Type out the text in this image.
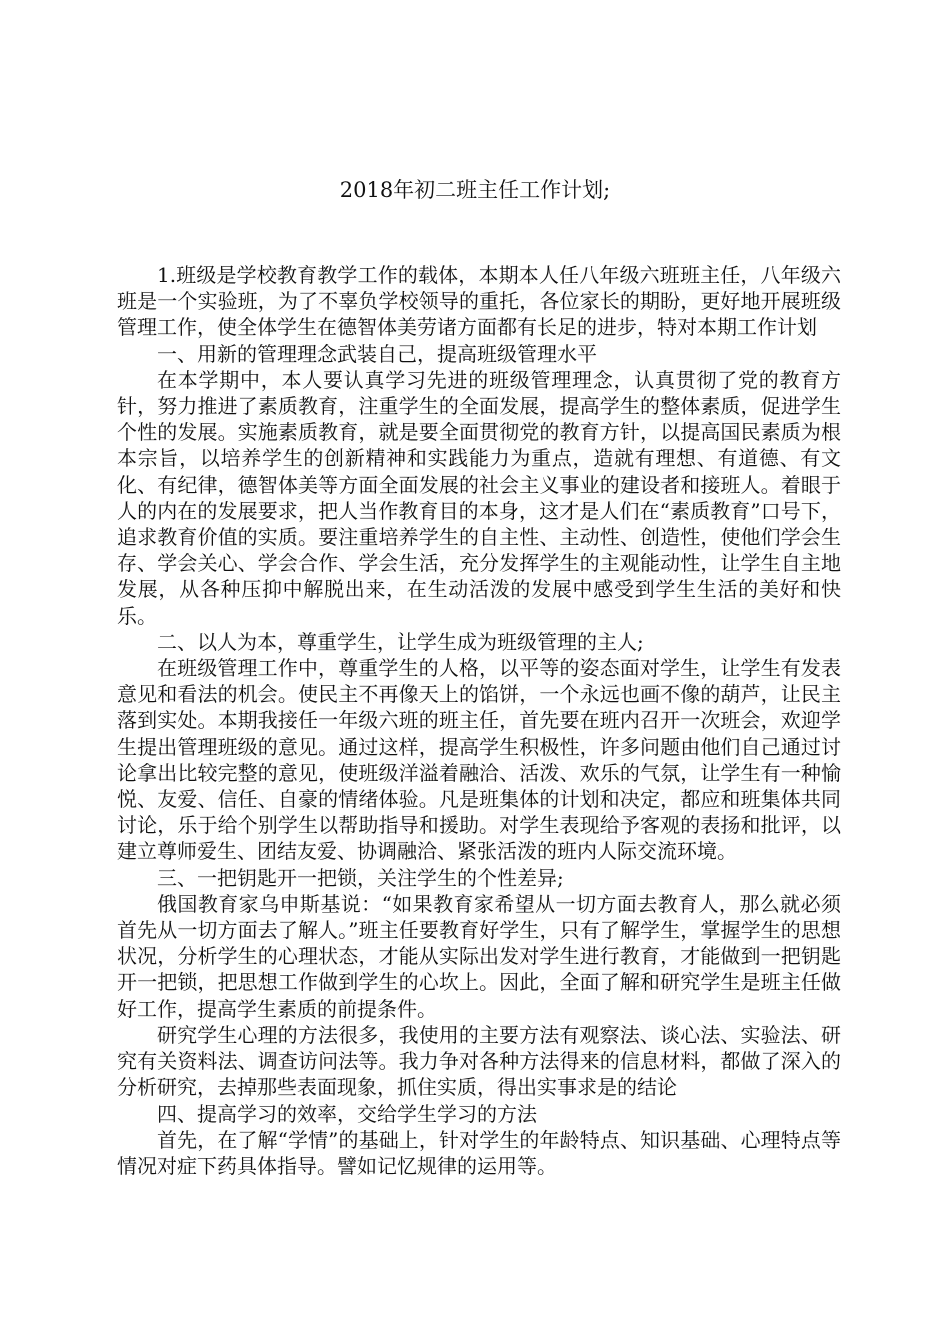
2018年初二班主任工作计划;

1.班级是学校教育教学工作的载体，本期本人任八年级六班班主任，八年级六班是一个实验班，为了不辜负学校领导的重托，各位家长的期盼，更好地开展班级管理工作，使全体学生在德智体美劳诸方面都有长足的进步，特对本期工作计划

一、用新的管理理念武装自己，提高班级管理水平

在本学期中，本人要认真学习先进的班级管理理念，认真贯彻了党的教育方针，努力推进了素质教育，注重学生的全面发展，提高学生的整体素质，促进学生个性的发展。实施素质教育，就是要全面贯彻党的教育方针，以提高国民素质为根本宗旨，以培养学生的创新精神和实践能力为重点，造就有理想、有道德、有文化、有纪律，德智体美等方面全面发展的社会主义事业的建设者和接班人。着眼于人的内在的发展要求，把人当作教育目的本身，这才是人们在“素质教育”口号下，追求教育价值的实质。要注重培养学生的自主性、主动性、创造性，使他们学会生存、学会关心、学会合作、学会生活，充分发挥学生的主观能动性，让学生自主地发展，从各种压抑中解脱出来，在生动活泼的发展中感受到学生生活的美好和快乐。

二、以人为本，尊重学生，让学生成为班级管理的主人;

在班级管理工作中，尊重学生的人格，以平等的姿态面对学生，让学生有发表意见和看法的机会。使民主不再像天上的馅饼，一个永远也画不像的葫芦，让民主落到实处。本期我接任一年级六班的班主任，首先要在班内召开一次班会，欢迎学生提出管理班级的意见。通过这样，提高学生积极性，许多问题由他们自己通过讨论拿出比较完整的意见，使班级洋溢着融洽、活泼、欢乐的气氛，让学生有一种愉悦、友爱、信任、自豪的情绪体验。凡是班集体的计划和决定，都应和班集体共同讨论，乐于给个别学生以帮助指导和援助。对学生表现给予客观的表扬和批评，以建立尊师爱生、团结友爱、协调融洽、紧张活泼的班内人际交流环境。

三、一把钥匙开一把锁，关注学生的个性差异;

俄国教育家乌申斯基说：“如果教育家希望从一切方面去教育人，那么就必须首先从一切方面去了解人。”班主任要教育好学生，只有了解学生，掌握学生的思想状况，分析学生的心理状态，才能从实际出发对学生进行教育，才能做到一把钥匙开一把锁，把思想工作做到学生的心坎上。因此，全面了解和研究学生是班主任做好工作，提高学生素质的前提条件。

研究学生心理的方法很多，我使用的主要方法有观察法、谈心法、实验法、研究有关资料法、调查访问法等。我力争对各种方法得来的信息材料，都做了深入的分析研究，去掉那些表面现象，抓住实质，得出实事求是的结论

四、提高学习的效率，交给学生学习的方法

首先，在了解“学情”的基础上，针对学生的年龄特点、知识基础、心理特点等情况对症下药具体指导。譬如记忆规律的运用等。
